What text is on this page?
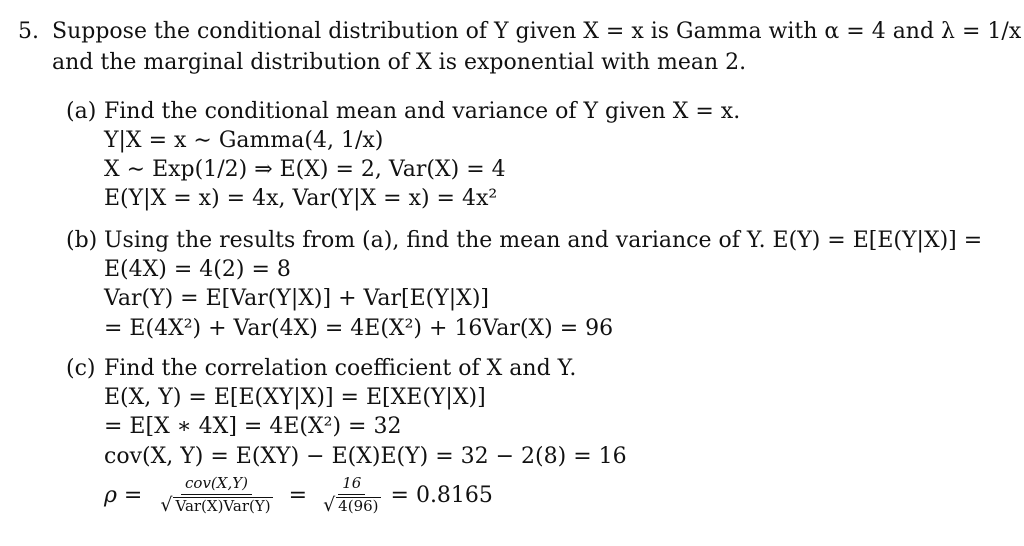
5. Suppose the conditional distribution of Y given X = x is Gamma with α = 4 and λ = 1/x
and the marginal distribution of X is exponential with mean 2.
(a) Find the conditional mean and variance of Y given X = x.
Y|X = x ∼ Gamma(4, 1/x)
X ∼ Exp(1/2) ⇒ E(X) = 2, Var(X) = 4
E(Y|X = x) = 4x, Var(Y|X = x) = 4x²
(b) Using the results from (a), find the mean and variance of Y. E(Y) = E[E(Y|X)] =
E(4X) = 4(2) = 8
Var(Y) = E[Var(Y|X)] + Var[E(Y|X)]
= E(4X²) + Var(4X) = 4E(X²) + 16Var(X) = 96
(c) Find the correlation coefficient of X and Y.
E(X, Y) = E[E(XY|X)] = E[XE(Y|X)]
= E[X ∗ 4X] = 4E(X²) = 32
cov(X, Y) = E(XY) − E(X)E(Y) = 32 − 2(8) = 16
$\rho = \frac{\text{cov(X,Y)}}{\text{√ Var(X)Var(Y)}} = \frac{16}{√ 4(96)} = 0.8165$
